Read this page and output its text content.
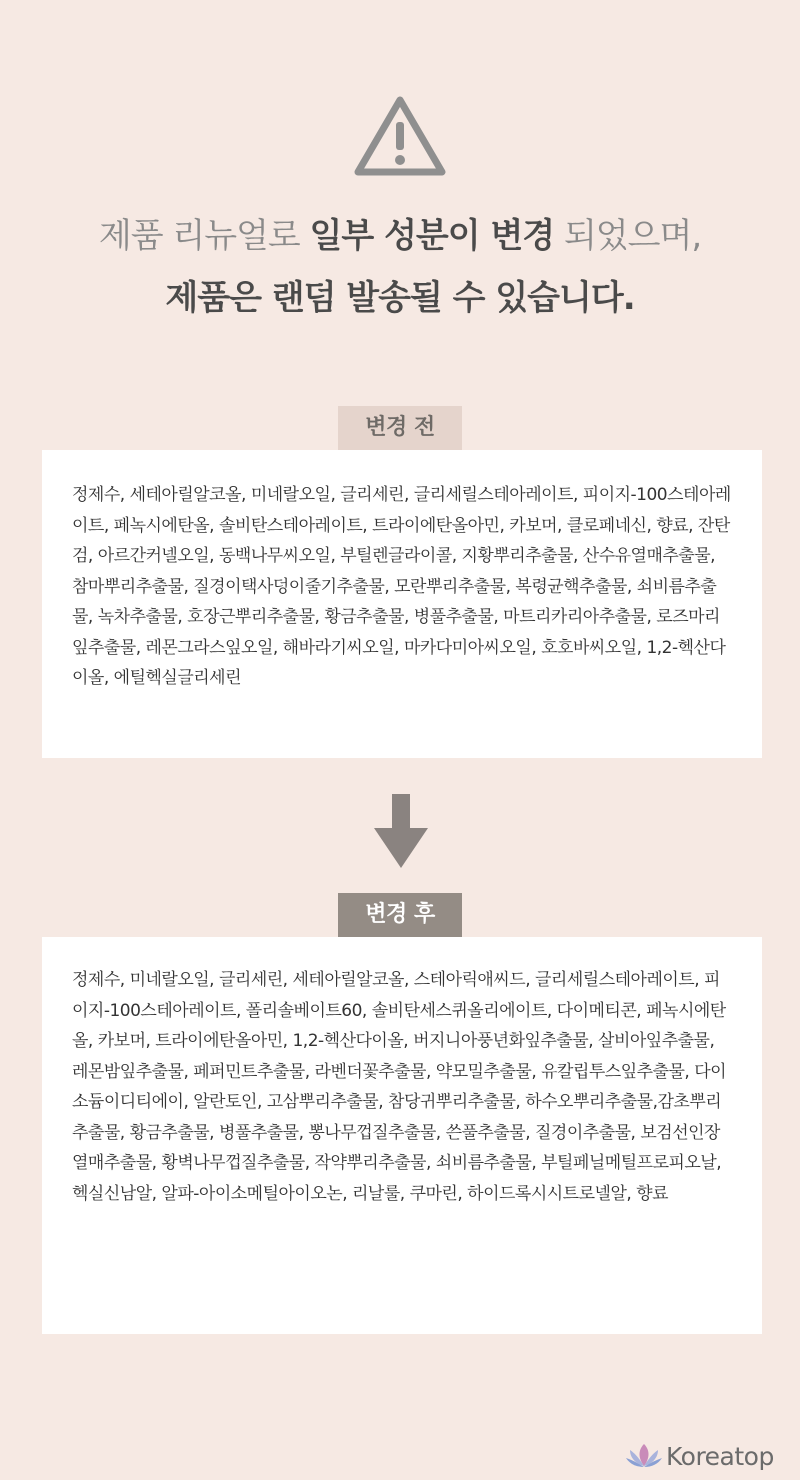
제품 리뉴얼로 일부 성분이 변경 되었으며,
제품은 랜덤 발송될 수 있습니다.
변경 전

정제수, 세테아릴알코올, 미네랄오일, 글리세린, 글리세릴스테아레이트, 피이지-100스테아레이트, 페녹시에탄올, 솔비탄스테아레이트, 트라이에탄올아민, 카보머, 클로페네신, 향료, 잔탄검, 아르간커넬오일, 동백나무씨오일, 부틸렌글라이콜, 지황뿌리추출물, 산수유열매추출물, 참마뿌리추출물, 질경이택사덩이줄기추출물, 모란뿌리추출물, 복령균핵추출물, 쇠비름추출물, 녹차추출물, 호장근뿌리추출물, 황금추출물, 병풀추출물, 마트리카리아추출물, 로즈마리잎추출물, 레몬그라스잎오일, 해바라기씨오일, 마카다미아씨오일, 호호바씨오일, 1,2-헥산다이올, 에틸헥실글리세린

변경 후

정제수, 미네랄오일, 글리세린, 세테아릴알코올, 스테아릭애씨드, 글리세릴스테아레이트, 피이지-100스테아레이트, 폴리솔베이트60, 솔비탄세스퀴올리에이트, 다이메티콘, 페녹시에탄올, 카보머, 트라이에탄올아민, 1,2-헥산다이올, 버지니아풍년화잎추출물, 살비아잎추출물, 레몬밤잎추출물, 페퍼민트추출물, 라벤더꽃추출물, 약모밀추출물, 유칼립투스잎추출물, 다이소듐이디티에이, 알란토인, 고삼뿌리추출물, 참당귀뿌리추출물, 하수오뿌리추출물,감초뿌리추출물, 황금추출물, 병풀추출물, 뽕나무껍질추출물, 쓴풀추출물, 질경이추출물, 보검선인장열매추출물, 황벽나무껍질추출물, 작약뿌리추출물, 쇠비름추출물, 부틸페닐메틸프로피오날, 헥실신남알, 알파-아이소메틸아이오논, 리날룰, 쿠마린, 하이드록시시트로넬알, 향료

Koreatop
